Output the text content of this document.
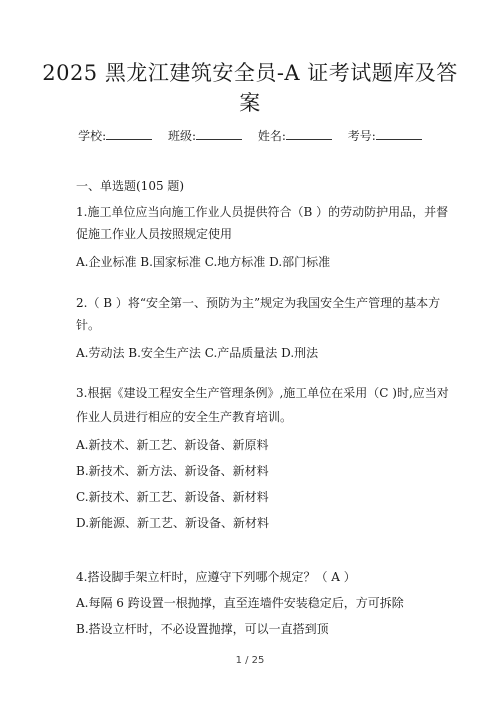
2025 黑龙江建筑安全员-A 证考试题库及答
案
学校:	班级:	姓名:	考号:
一、单选题(105 题)
1.施工单位应当向施工作业人员提供符合（B ）的劳动防护用品，并督
促施工作业人员按照规定使用
A.企业标准 B.国家标准 C.地方标准 D.部门标准
2.（ B ）将“安全第一、预防为主”规定为我国安全生产管理的基本方
针。
A.劳动法 B.安全生产法 C.产品质量法 D.刑法
3.根据《建设工程安全生产管理条例》,施工单位在采用（C )时,应当对
作业人员进行相应的安全生产教育培训。
A.新技术、新工艺、新设备、新原料
B.新技术、新方法、新设备、新材料
C.新技术、新工艺、新设备、新材料
D.新能源、新工艺、新设备、新材料
4.搭设脚手架立杆时，应遵守下列哪个规定？（ A ）
A.每隔 6 跨设置一根抛撑，直至连墙件安装稳定后，方可拆除
B.搭设立杆时，不必设置抛撑，可以一直搭到顶
1 / 25
